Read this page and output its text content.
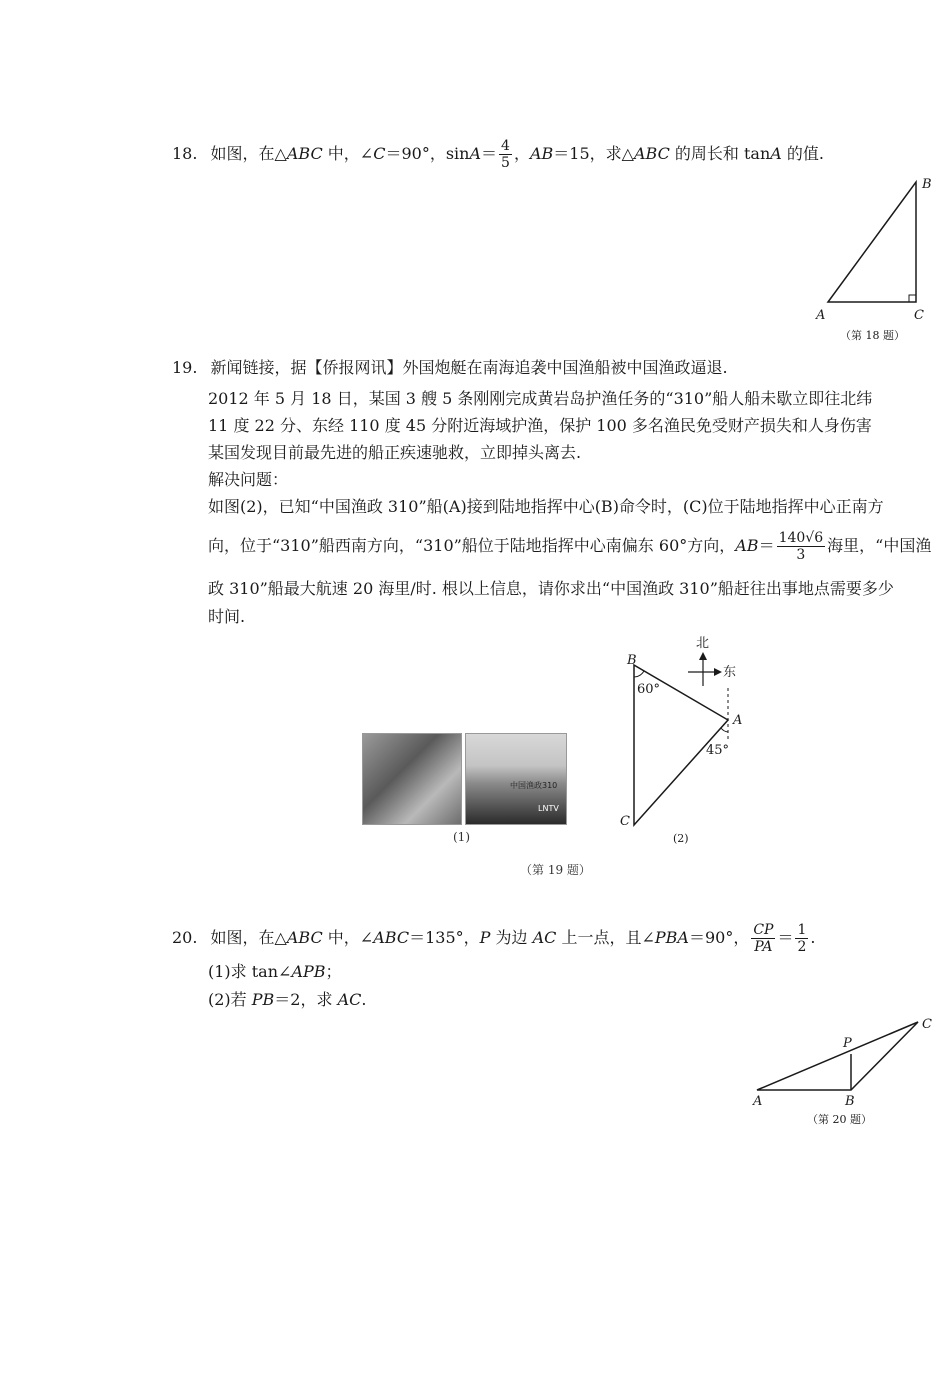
18. 如图，在△ABC 中，∠C＝90°，$\sin A= \frac{4}{5}$ ，AB＝15，求△ABC 的周长和 tanA 的值.
A
B
C
（第 18 题）
19. 新闻链接，据【侨报网讯】外国炮艇在南海追袭中国渔船被中国渔政逼退.
2012 年 5 月 18 日，某国 3 艘 5 条刚刚完成黄岩岛护渔任务的“310”船人船未歇立即往北纬
11 度 22 分、东经 110 度 45 分附近海域护渔，保护 100 多名渔民免受财产损失和人身伤害
某国发现目前最先进的船正疾速驰救，立即掉头离去.
解决问题：
如图(2)，已知“中国渔政 310”船(A)接到陆地指挥中心(B)命令时，(C)位于陆地指挥中心正南方
向，位于“310”船西南方向，“310”船位于陆地指挥中心南偏东 60°方向，$AB= \frac{140√6}{3}$ 海里，“中国渔
政 310”船最大航速 20 海里/时. 根以上信息，请你求出“中国渔政 310”船赶往出事地点需要多少
时间.
中国渔政310
LNTV
北
东
B
A
C
60°
45°
(2)
(1)
（第 19 题）
20. 如图，在△ABC 中，∠ABC＝135°，P 为边 AC 上一点，且∠PBA＝90°， $\frac{CP}{PA} = \frac{1}{2}$ .
(1)求 tan∠APB；
(2)若 PB＝2，求 AC.
A	B
C
P
（第 20 题）
